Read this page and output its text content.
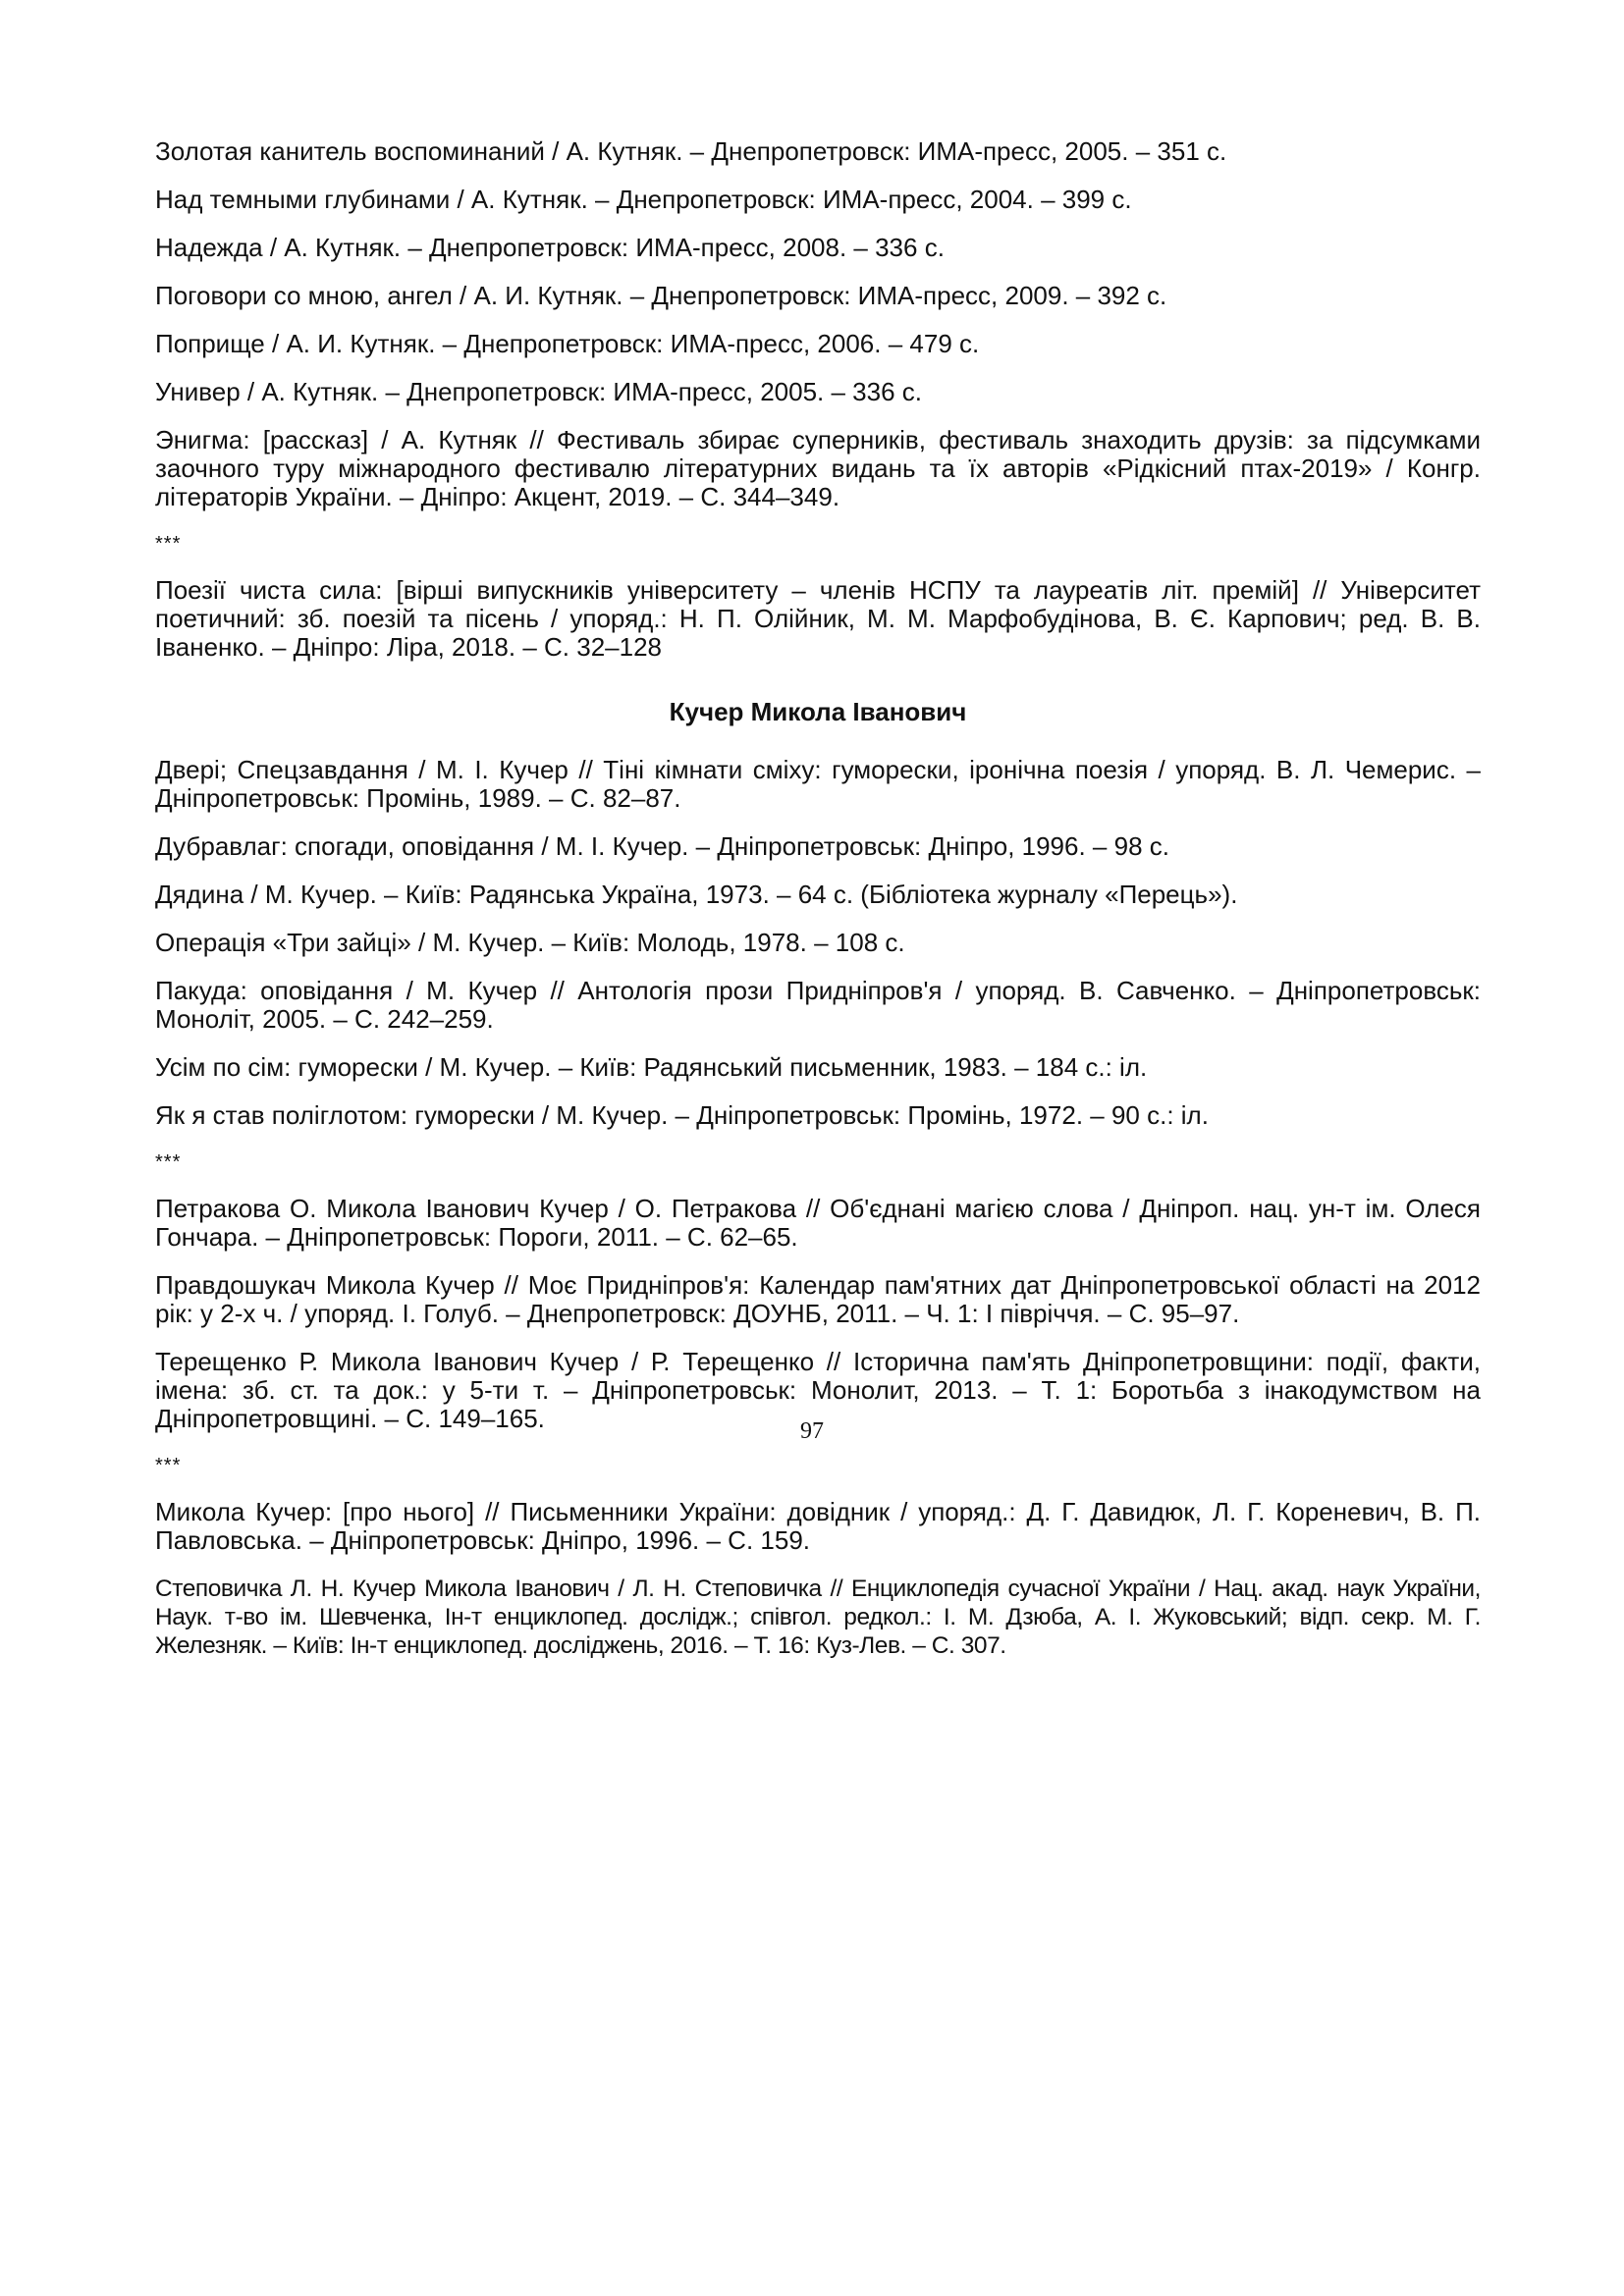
Золотая канитель воспоминаний / А. Кутняк. – Днепропетровск: ИМА-пресс, 2005. – 351 с.

Над темными глубинами / А. Кутняк. – Днепропетровск: ИМА-пресс, 2004. – 399 с.

Надежда / А. Кутняк. – Днепропетровск: ИМА-пресс, 2008. – 336 с.

Поговори со мною, ангел / А. И. Кутняк. – Днепропетровск: ИМА-пресс, 2009. – 392 с.

Поприще / А. И. Кутняк. – Днепропетровск: ИМА-пресс, 2006. – 479 с.

Универ / А. Кутняк. – Днепропетровск: ИМА-пресс, 2005. – 336 с.

Энигма: [рассказ] / А. Кутняк // Фестиваль збирає суперників, фестиваль знаходить друзів: за підсумками заочного туру міжнародного фестивалю літературних видань та їх авторів «Рідкісний птах-2019» / Конгр. літераторів України. – Дніпро: Акцент, 2019. – С. 344–349.

***

Поезії чиста сила: [вірші випускників університету – членів НСПУ та лауреатів літ. премій] // Університет поетичний: зб. поезій та пісень / упоряд.: Н. П. Олійник, М. М. Марфобудінова, В. Є. Карпович; ред. В. В. Іваненко. – Дніпро: Ліра, 2018. – С. 32–128

Кучер Микола Іванович

Двері; Спецзавдання / М. І. Кучер // Тіні кімнати сміху: гуморески, іронічна поезія / упоряд. В. Л. Чемерис. – Дніпропетровськ: Промінь, 1989. – С. 82–87.

Дубравлаг: спогади, оповідання / М. І. Кучер. – Дніпропетровськ: Дніпро, 1996. – 98 с.

Дядина / М. Кучер. – Київ: Радянська Україна, 1973. – 64 с. (Бібліотека журналу «Перець»).

Операція «Три зайці» / М. Кучер. – Київ: Молодь, 1978. – 108 с.

Пакуда: оповідання / М. Кучер // Антологія прози Придніпров'я / упоряд. В. Савченко. – Дніпропетровськ: Моноліт, 2005. – С. 242–259.

Усім по сім: гуморески / М. Кучер. – Київ: Радянський письменник, 1983. – 184 с.: іл.

Як я став поліглотом: гуморески / М. Кучер. – Дніпропетровськ: Промінь, 1972. – 90 с.: іл.

***

Петракова О. Микола Іванович Кучер / О. Петракова // Об'єднані магією слова / Дніпроп. нац. ун-т ім. Олеся Гончара. – Дніпропетровськ: Пороги, 2011. – С. 62–65.

Правдошукач Микола Кучер // Моє Придніпров'я: Календар пам'ятних дат Дніпропетровської області на 2012 рік: у 2-х ч. / упоряд. І. Голуб. – Днепропетровск: ДОУНБ, 2011. – Ч. 1: І півріччя. – С. 95–97.

Терещенко Р. Микола Іванович Кучер / Р. Терещенко // Історична пам'ять Дніпропетровщини: події, факти, імена: зб. ст. та док.: у 5-ти т. – Дніпропетровськ: Монолит, 2013. – Т. 1: Боротьба з інакодумством на Дніпропетровщині. – С. 149–165.

***

Микола Кучер: [про нього] // Письменники України: довідник / упоряд.: Д. Г. Давидюк, Л. Г. Кореневич, В. П. Павловська. – Дніпропетровськ: Дніпро, 1996. – С. 159.

Степовичка Л. Н. Кучер Микола Іванович / Л. Н. Степовичка // Енциклопедія сучасної України / Нац. акад. наук України, Наук. т-во ім. Шевченка, Ін-т енциклопед. дослідж.; співгол. редкол.: І. М. Дзюба, А. І. Жуковський; відп. секр. М. Г. Железняк. – Київ: Ін-т енциклопед. досліджень, 2016. – Т. 16: Куз-Лев. – С. 307.

97
